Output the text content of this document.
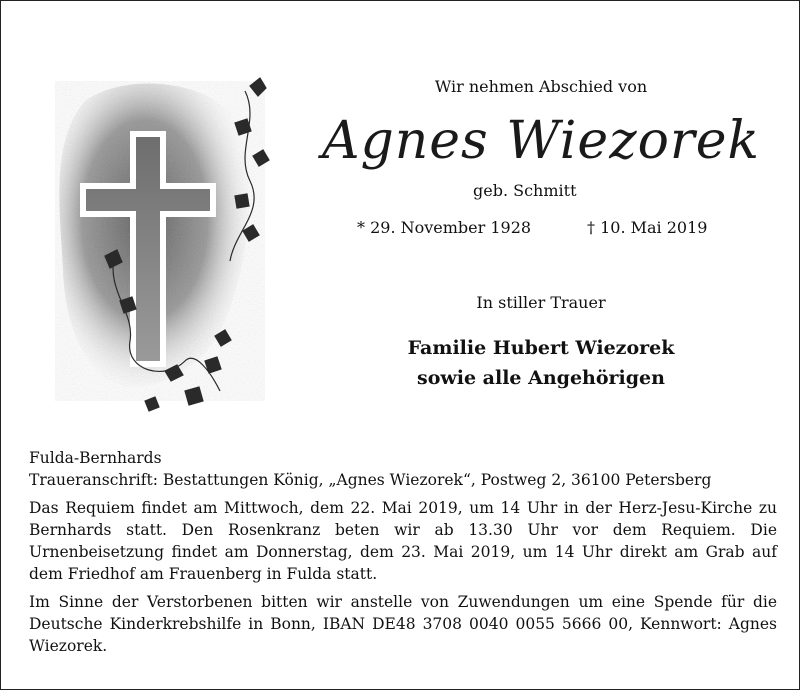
Wir nehmen Abschied von
Agnes Wiezorek
geb. Schmitt
* 29. November 1928	† 10. Mai 2019
In stiller Trauer
Familie Hubert Wiezorek
sowie alle Angehörigen

Fulda-Bernhards

Traueranschrift: Bestattungen König, „Agnes Wiezorek“, Postweg 2, 36100 Petersberg

Das Requiem findet am Mittwoch, dem 22. Mai 2019, um 14 Uhr in der Herz-Jesu-Kirche zu Bernhards statt. Den Rosenkranz beten wir ab 13.30 Uhr vor dem Requiem. Die Urnenbeisetzung findet am Donnerstag, dem 23. Mai 2019, um 14 Uhr direkt am Grab auf dem Friedhof am Frauenberg in Fulda statt.

Im Sinne der Verstorbenen bitten wir anstelle von Zuwendungen um eine Spende für die Deutsche Kinderkrebshilfe in Bonn, IBAN DE48 3708 0040 0055 5666 00, Kennwort: Agnes Wiezorek.
